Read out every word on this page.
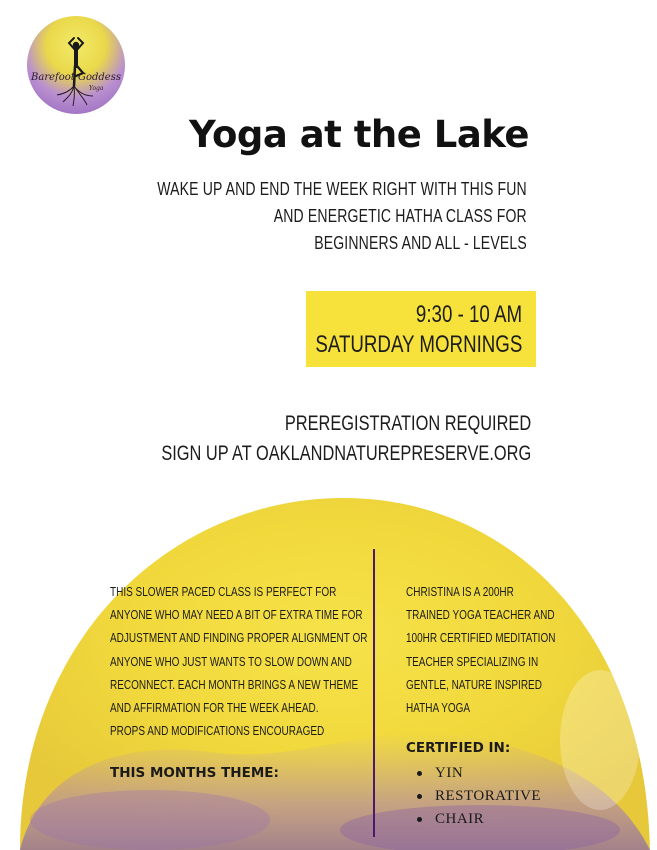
Barefoot Goddess
Yoga
Yoga at the Lake
WAKE UP AND END THE WEEK RIGHT WITH THIS FUN
AND ENERGETIC HATHA CLASS FOR
BEGINNERS AND ALL - LEVELS
9:30 - 10 AM
SATURDAY MORNINGS
PREREGISTRATION REQUIRED
SIGN UP AT OAKLANDNATUREPRESERVE.ORG
THIS SLOWER PACED CLASS IS PERFECT FOR
ANYONE WHO MAY NEED A BIT OF EXTRA TIME FOR
ADJUSTMENT AND FINDING PROPER ALIGNMENT OR
ANYONE WHO JUST WANTS TO SLOW DOWN AND
RECONNECT. EACH MONTH BRINGS A NEW THEME
AND AFFIRMATION FOR THE WEEK AHEAD.
PROPS AND MODIFICATIONS ENCOURAGED
THIS MONTHS THEME:
CHRISTINA IS A 200HR
TRAINED YOGA TEACHER AND
100HR CERTIFIED MEDITATION
TEACHER SPECIALIZING IN
GENTLE, NATURE INSPIRED
HATHA YOGA
CERTIFIED IN:
YIN
RESTORATIVE
CHAIR
